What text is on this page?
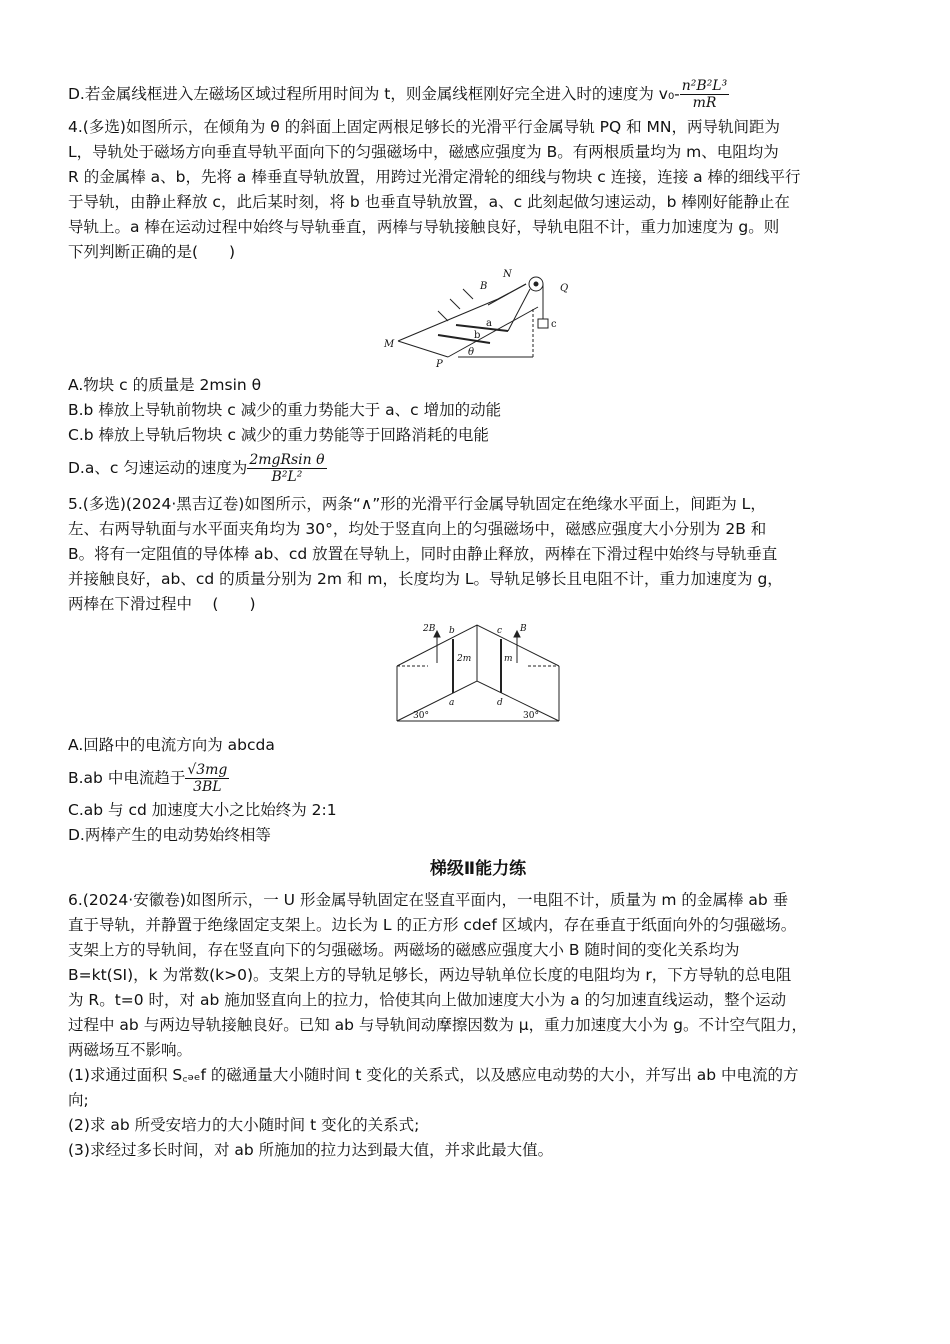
D.若金属线框进入左磁场区域过程所用时间为 t，则金属线框刚好完全进入时的速度为 $v_0- \frac{\text{n²B²L³}}{mR}$

4.(多选)如图所示，在倾角为 θ 的斜面上固定两根足够长的光滑平行金属导轨 PQ 和 MN，两导轨间距为

L，导轨处于磁场方向垂直导轨平面向下的匀强磁场中，磁感应强度为 B。有两根质量均为 m、电阻均为

R 的金属棒 a、b，先将 a 棒垂直导轨放置，用跨过光滑定滑轮的细线与物块 c 连接，连接 a 棒的细线平行

于导轨，由静止释放 c，此后某时刻，将 b 也垂直导轨放置，a、c 此刻起做匀速运动，b 棒刚好能静止在

导轨上。a 棒在运动过程中始终与导轨垂直，两棒与导轨接触良好，导轨电阻不计，重力加速度为 g。则

下列判断正确的是(　　)

N
B	Q
a
b
c
M
P
θ

A.物块 c 的质量是 2msin θ

B.b 棒放上导轨前物块 c 减少的重力势能大于 a、c 增加的动能

C.b 棒放上导轨后物块 c 减少的重力势能等于回路消耗的电能

D.a、c 匀速运动的速度为 $\frac{\text{2mgRsin θ}}{\text{B²L²}}$

5.(多选)(2024·黑吉辽卷)如图所示，两条“∧”形的光滑平行金属导轨固定在绝缘水平面上，间距为 L，

左、右两导轨面与水平面夹角均为 30°，均处于竖直向上的匀强磁场中，磁感应强度大小分别为 2B 和

B。将有一定阻值的导体棒 ab、cd 放置在导轨上，同时由静止释放，两棒在下滑过程中始终与导轨垂直

并接触良好，ab、cd 的质量分别为 2m 和 m，长度均为 L。导轨足够长且电阻不计，重力加速度为 g，

两棒在下滑过程中　 (　　)

2B b	c B
2m	m
a	d
30°	30°

A.回路中的电流方向为 abcda

B.ab 中电流趋于 $\frac{√3mg}{3BL}$

C.ab 与 cd 加速度大小之比始终为 2:1

D.两棒产生的电动势始终相等

梯级Ⅱ能力练

6.(2024·安徽卷)如图所示，一 U 形金属导轨固定在竖直平面内，一电阻不计，质量为 m 的金属棒 ab 垂

直于导轨，并静置于绝缘固定支架上。边长为 L 的正方形 cdef 区域内，存在垂直于纸面向外的匀强磁场。

支架上方的导轨间，存在竖直向下的匀强磁场。两磁场的磁感应强度大小 B 随时间的变化关系均为

B=kt(SI)，k 为常数(k>0)。支架上方的导轨足够长，两边导轨单位长度的电阻均为 r，下方导轨的总电阻

为 R。t=0 时，对 ab 施加竖直向上的拉力，恰使其向上做加速度大小为 a 的匀加速直线运动，整个运动

过程中 ab 与两边导轨接触良好。已知 ab 与导轨间动摩擦因数为 μ，重力加速度大小为 g。不计空气阻力，

两磁场互不影响。

(1)求通过面积 S꜀ₔₑf 的磁通量大小随时间 t 变化的关系式，以及感应电动势的大小，并写出 ab 中电流的方

向;

(2)求 ab 所受安培力的大小随时间 t 变化的关系式;

(3)求经过多长时间，对 ab 所施加的拉力达到最大值，并求此最大值。
